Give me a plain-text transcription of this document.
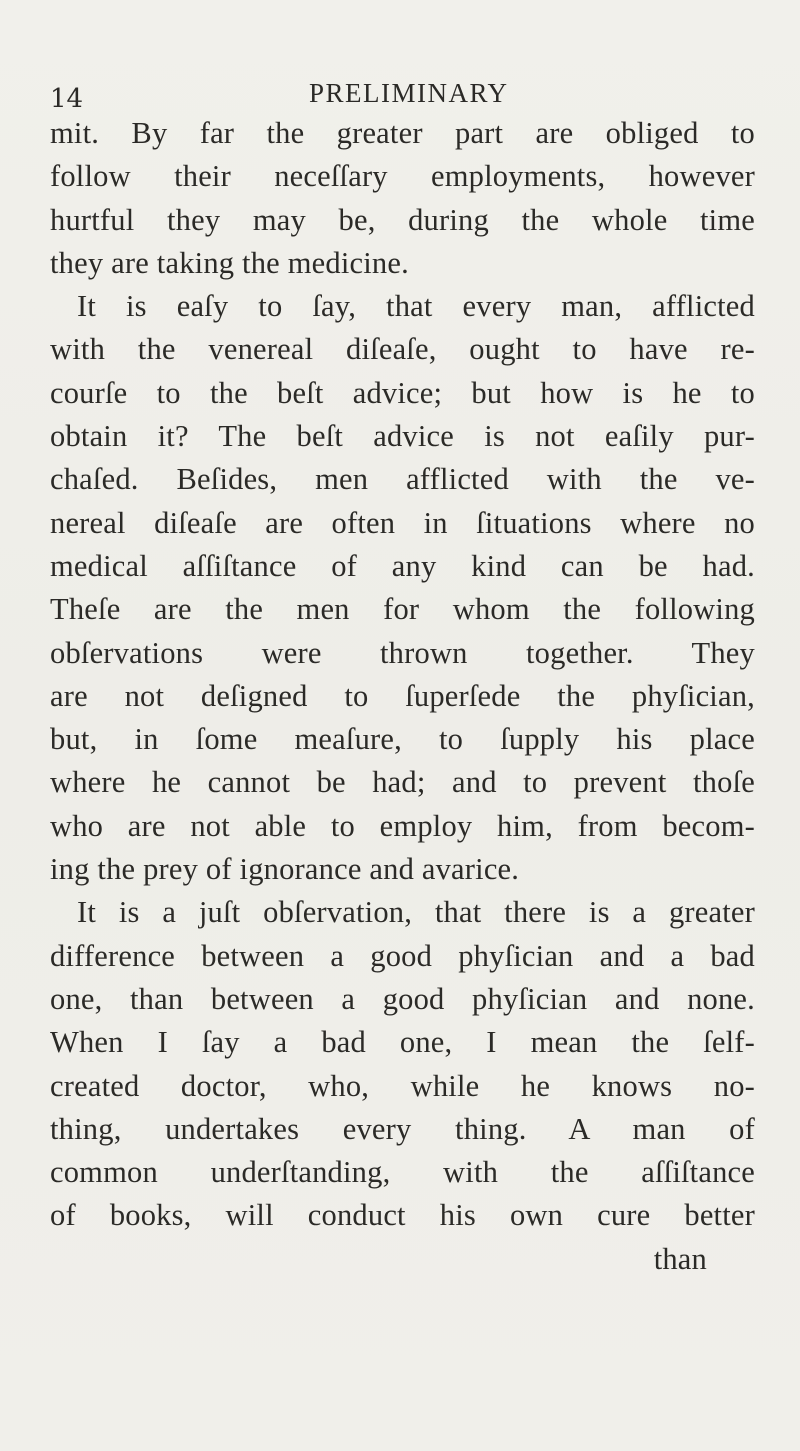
14	PRELIMINARY
mit. By far the greater part are obliged to
follow their neceſſary employments, however
hurtful they may be, during the whole time
they are taking the medicine.
It is eaſy to ſay, that every man, afflicted
with the venereal diſeaſe, ought to have re-
courſe to the beſt advice; but how is he to
obtain it? The beſt advice is not eaſily pur-
chaſed. Beſides, men afflicted with the ve-
nereal diſeaſe are often in ſituations where no
medical aſſiſtance of any kind can be had.
Theſe are the men for whom the following
obſervations were thrown together. They
are not deſigned to ſuperſede the phyſician,
but, in ſome meaſure, to ſupply his place
where he cannot be had; and to prevent thoſe
who are not able to employ him, from becom-
ing the prey of ignorance and avarice.
It is a juſt obſervation, that there is a greater
difference between a good phyſician and a bad
one, than between a good phyſician and none.
When I ſay a bad one, I mean the ſelf-
created doctor, who, while he knows no-
thing, undertakes every thing. A man of
common underſtanding, with the aſſiſtance
of books, will conduct his own cure better
than
